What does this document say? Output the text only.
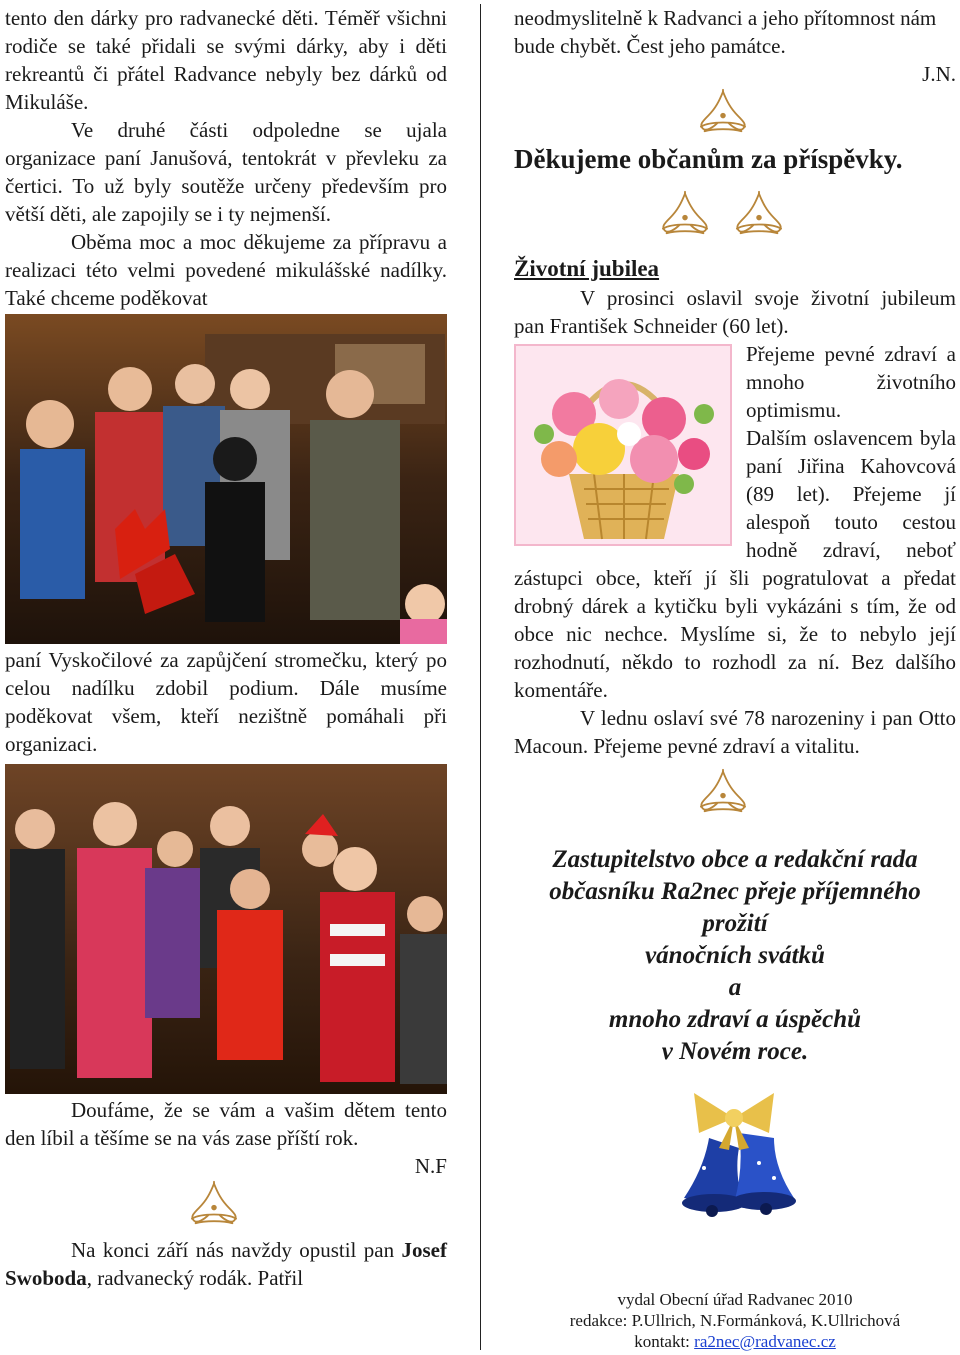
tento den dárky pro radvanecké děti. Téměř všichni rodiče se také přidali se svými dárky, aby i děti rekreantů či přátel Radvance nebyly bez dárků od Mikuláše.

Ve druhé části odpoledne se ujala organizace paní Janušová, tentokrát v převleku za čertici. To už byly soutěže určeny především pro větší děti, ale zapojily se i ty nejmenší.

Oběma moc a moc děkujeme za přípravu a realizaci této velmi povedené mikulášské nadílky. Také chceme poděkovat

paní Vyskočilové za zapůjčení stromečku, který po celou nadílku zdobil podium. Dále musíme poděkovat všem, kteří nezištně pomáhali při organizaci.

Doufáme, že se vám a vašim dětem tento den líbil a těšíme se na vás zase příští rok.

N.F

Na konci září nás navždy opustil pan Josef Swoboda, radvanecký rodák. Patřil

neodmyslitelně k Radvanci a jeho přítomnost nám bude chybět. Čest jeho památce.

J.N.

Děkujeme občanům za příspěvky.

Životní jubilea

V prosinci oslavil svoje životní jubileum pan František Schneider (60 let).

Přejeme pevné zdraví a mnoho životního optimismu.

Dalším oslavencem byla paní Jiřina Kahovcová (89 let). Přejeme jí alespoň touto cestou hodně zdraví, neboť zástupci obce, kteří jí šli pogratulovat a předat drobný dárek a kytičku byli vykázáni s tím, že od obce nic nechce. Myslíme si, že to nebylo její rozhodnutí, někdo to rozhodl za ní. Bez dalšího komentáře.

V lednu oslaví své 78 narozeniny i pan Otto Macoun. Přejeme pevné zdraví a vitalitu.

Zastupitelstvo obce a redakční rada

občasníku Ra2nec přeje příjemného

prožití

vánočních svátků

a

mnoho zdraví a úspěchů

v Novém roce.

vydal Obecní úřad Radvanec 2010
redakce: P.Ullrich, N.Formánková, K.Ullrichová
kontakt: ra2nec@radvanec.cz
